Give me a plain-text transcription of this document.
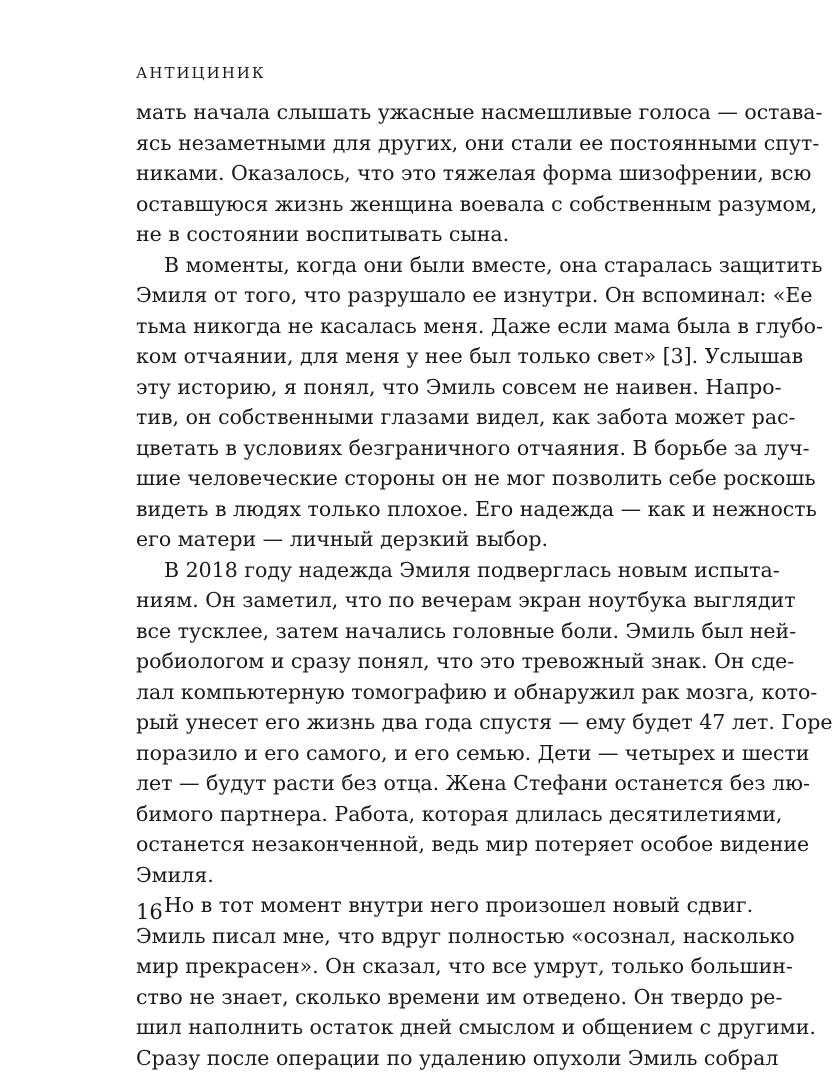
АНТИЦИНИК
мать начала слышать ужасные насмешливые голоса — остава-
ясь незаметными для других, они стали ее постоянными спут-
никами. Оказалось, что это тяжелая форма шизофрении, всю
оставшуюся жизнь женщина воевала с собственным разумом,
не в состоянии воспитывать сына.
В моменты, когда они были вместе, она старалась защитить
Эмиля от того, что разрушало ее изнутри. Он вспоминал: «Ее
тьма никогда не касалась меня. Даже если мама была в глубо-
ком отчаянии, для меня у нее был только свет» [3]. Услышав
эту историю, я понял, что Эмиль совсем не наивен. Напро-
тив, он собственными глазами видел, как забота может рас-
цветать в условиях безграничного отчаяния. В борьбе за луч-
шие человеческие стороны он не мог позволить себе роскошь
видеть в людях только плохое. Его надежда — как и нежность
его матери — личный дерзкий выбор.
В 2018 году надежда Эмиля подверглась новым испыта-
ниям. Он заметил, что по вечерам экран ноутбука выглядит
все тусклее, затем начались головные боли. Эмиль был ней-
робиологом и сразу понял, что это тревожный знак. Он сде-
лал компьютерную томографию и обнаружил рак мозга, кото-
рый унесет его жизнь два года спустя — ему будет 47 лет. Горе
поразило и его самого, и его семью. Дети — четырех и шести
лет — будут расти без отца. Жена Стефани останется без лю-
бимого партнера. Работа, которая длилась десятилетиями,
останется незаконченной, ведь мир потеряет особое видение
Эмиля.
Но в тот момент внутри него произошел новый сдвиг.
Эмиль писал мне, что вдруг полностью «осознал, насколько
мир прекрасен». Он сказал, что все умрут, только большин-
ство не знает, сколько времени им отведено. Он твердо ре-
шил наполнить остаток дней смыслом и общением с другими.
Сразу после операции по удалению опухоли Эмиль собрал
16
